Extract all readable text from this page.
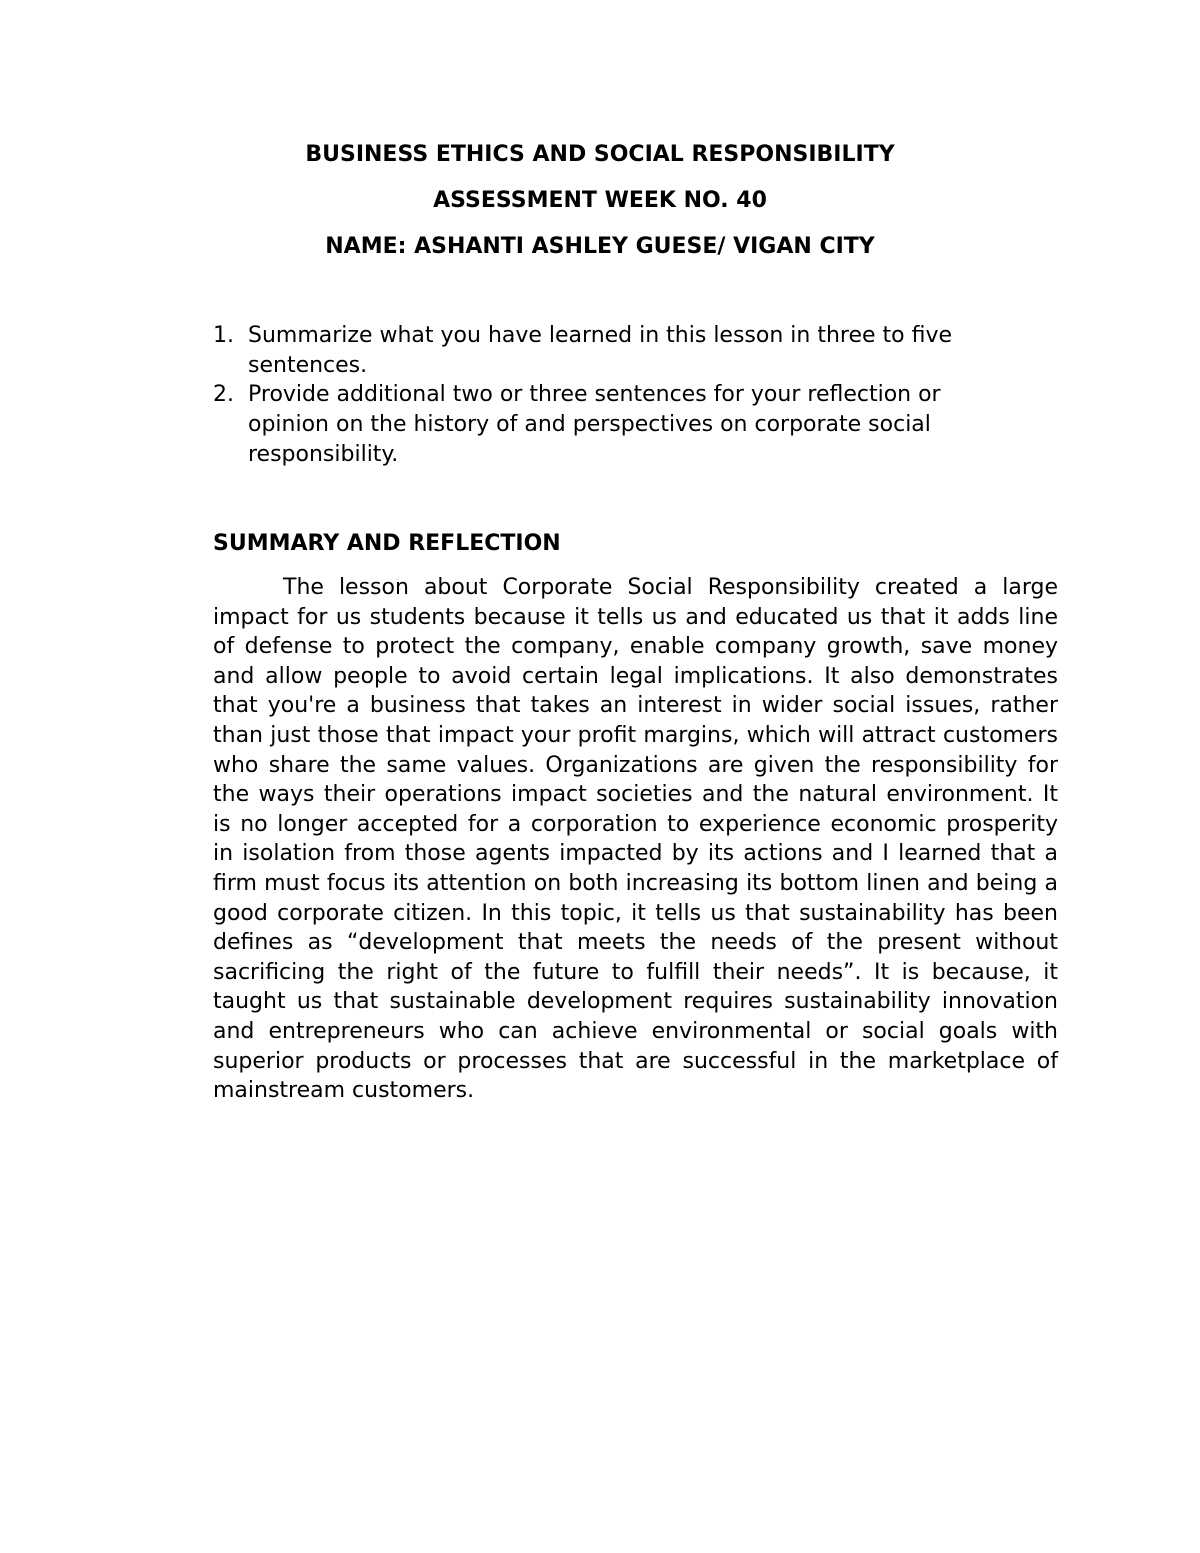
BUSINESS ETHICS AND SOCIAL RESPONSIBILITY
ASSESSMENT WEEK NO. 40
NAME: ASHANTI ASHLEY GUESE/ VIGAN CITY
1. Summarize what you have learned in this lesson in three to five sentences.
2. Provide additional two or three sentences for your reflection or opinion on the history of and perspectives on corporate social responsibility.
SUMMARY AND REFLECTION

The lesson about Corporate Social Responsibility created a large impact for us students because it tells us and educated us that it adds line of defense to protect the company, enable company growth, save money and allow people to avoid certain legal implications. It also demonstrates that you're a business that takes an interest in wider social issues, rather than just those that impact your profit margins, which will attract customers who share the same values. Organizations are given the responsibility for the ways their operations impact societies and the natural environment. It is no longer accepted for a corporation to experience economic prosperity in isolation from those agents impacted by its actions and I learned that a firm must focus its attention on both increasing its bottom linen and being a good corporate citizen. In this topic, it tells us that sustainability has been defines as “development that meets the needs of the present without sacrificing the right of the future to fulfill their needs”. It is because, it taught us that sustainable development requires sustainability innovation and entrepreneurs who can achieve environmental or social goals with superior products or processes that are successful in the marketplace of mainstream customers.
